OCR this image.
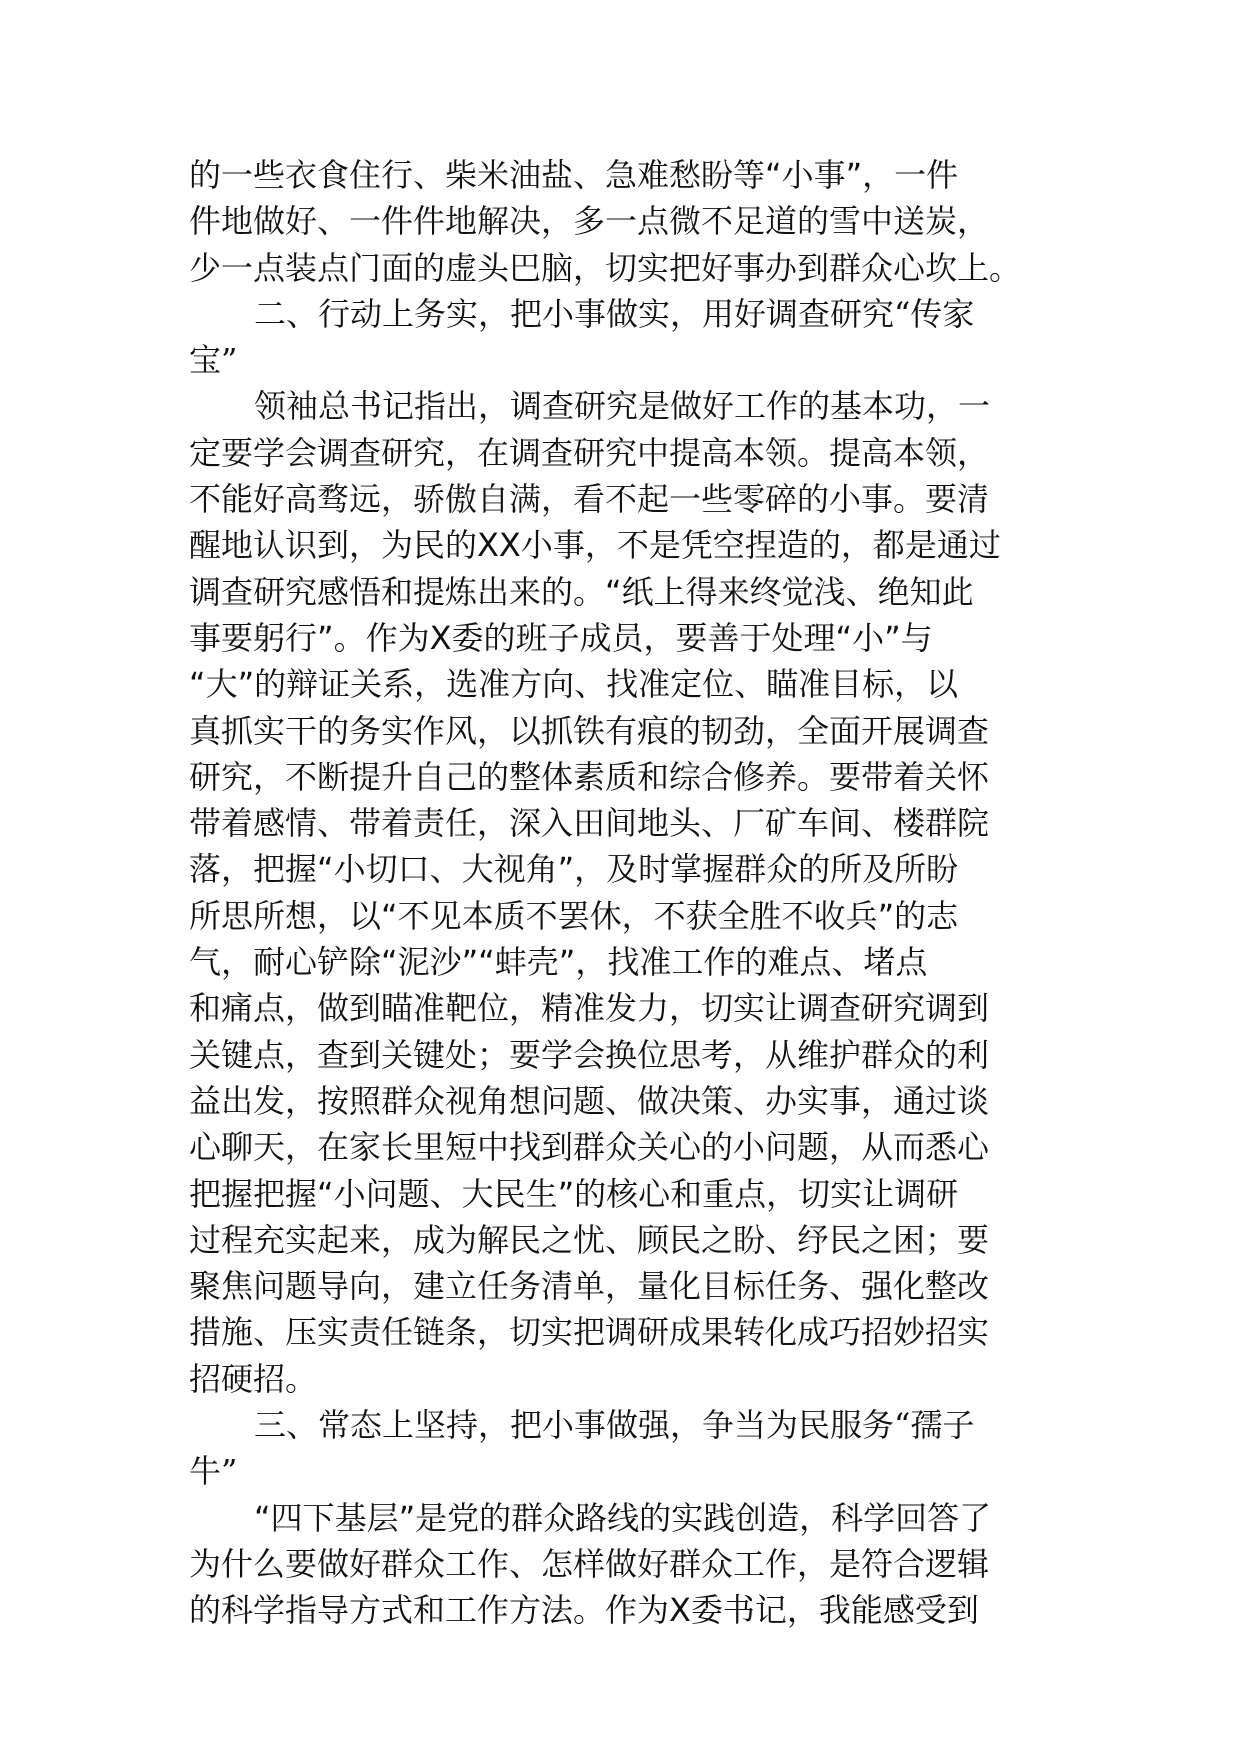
的一些衣食住行、柴米油盐、急难愁盼等“小事”，一件
件地做好、一件件地解决，多一点微不足道的雪中送炭，
少一点装点门面的虚头巴脑，切实把好事办到群众心坎上。
二、行动上务实，把小事做实，用好调查研究“传家
宝”
领袖总书记指出，调查研究是做好工作的基本功，一
定要学会调查研究，在调查研究中提高本领。提高本领，
不能好高骛远，骄傲自满，看不起一些零碎的小事。要清
醒地认识到，为民的XX小事，不是凭空捏造的，都是通过
调查研究感悟和提炼出来的。“纸上得来终觉浅、绝知此
事要躬行”。作为X委的班子成员，要善于处理“小”与
“大”的辩证关系，选准方向、找准定位、瞄准目标，以
真抓实干的务实作风，以抓铁有痕的韧劲，全面开展调查
研究，不断提升自己的整体素质和综合修养。要带着关怀
带着感情、带着责任，深入田间地头、厂矿车间、楼群院
落，把握“小切口、大视角”，及时掌握群众的所及所盼
所思所想，以“不见本质不罢休，不获全胜不收兵”的志
气，耐心铲除“泥沙”“蚌壳”，找准工作的难点、堵点
和痛点，做到瞄准靶位，精准发力，切实让调查研究调到
关键点，查到关键处；要学会换位思考，从维护群众的利
益出发，按照群众视角想问题、做决策、办实事，通过谈
心聊天，在家长里短中找到群众关心的小问题，从而悉心
把握把握“小问题、大民生”的核心和重点，切实让调研
过程充实起来，成为解民之忧、顾民之盼、纾民之困；要
聚焦问题导向，建立任务清单，量化目标任务、强化整改
措施、压实责任链条，切实把调研成果转化成巧招妙招实
招硬招。
三、常态上坚持，把小事做强，争当为民服务“孺子
牛”
“四下基层”是党的群众路线的实践创造，科学回答了
为什么要做好群众工作、怎样做好群众工作，是符合逻辑
的科学指导方式和工作方法。作为X委书记，我能感受到
